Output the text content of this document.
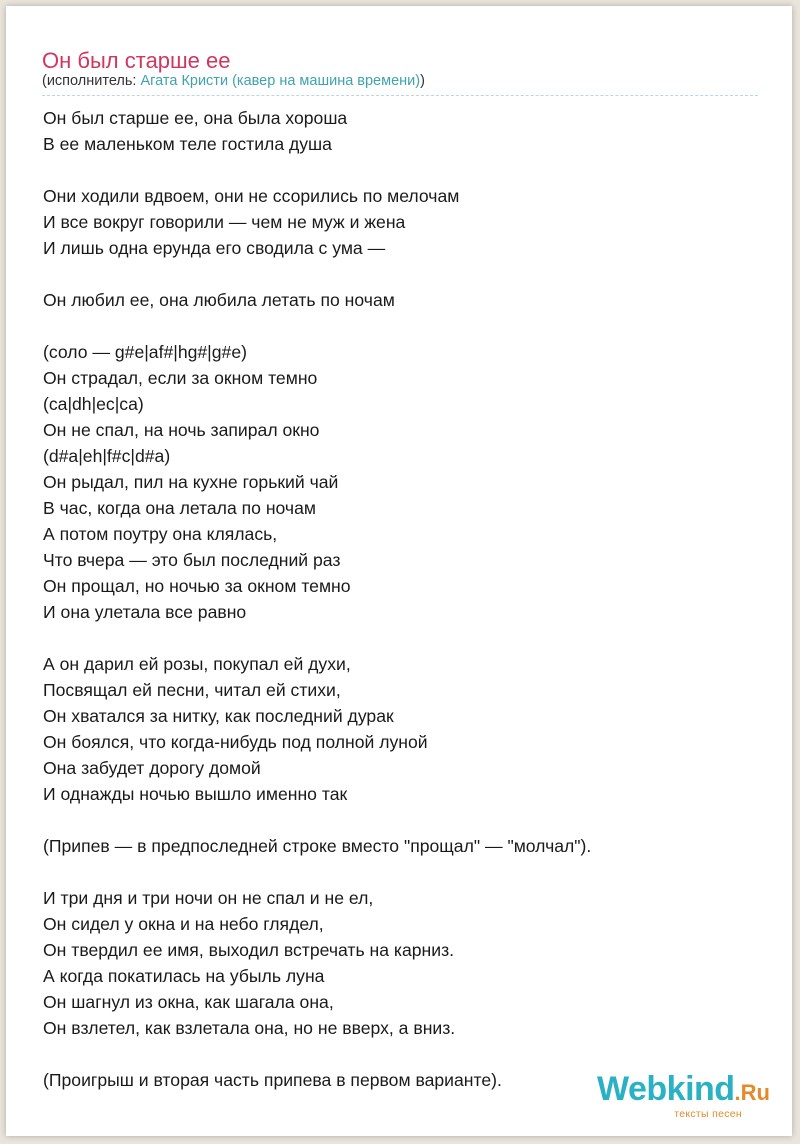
Он был старше ее
(исполнитель: Агата Кристи (кавер на машина времени))
Он был старше ее, она была хороша
В ее маленьком теле гостила душа
Они ходили вдвоем, они не ссорились по мелочам
И все вокруг говорили — чем не муж и жена
И лишь одна ерунда его сводила с ума —
Он любил ее, она любила летать по ночам
(соло — g#e|af#|hg#|g#e)
Он страдал, если за окном темно
(ca|dh|ec|ca)
Он не спал, на ночь запирал окно
(d#a|eh|f#c|d#a)
Он рыдал, пил на кухне горький чай
В час, когда она летала по ночам
А потом поутру она клялась,
Что вчера — это был последний раз
Он прощал, но ночью за окном темно
И она улетала все равно
А он дарил ей розы, покупал ей духи,
Посвящал ей песни, читал ей стихи,
Он хватался за нитку, как последний дурак
Он боялся, что когда-нибудь под полной луной
Она забудет дорогу домой
И однажды ночью вышло именно так
(Припев — в предпоследней строке вместо "прощал" — "молчал").
И три дня и три ночи он не спал и не ел,
Он сидел у окна и на небо глядел,
Он твердил ее имя, выходил встречать на карниз.
А когда покатилась на убыль луна
Он шагнул из окна, как шагала она,
Он взлетел, как взлетала она, но не вверх, а вниз.
(Проигрыш и вторая часть припева в первом варианте).	Webkind.Ru
тексты песен
